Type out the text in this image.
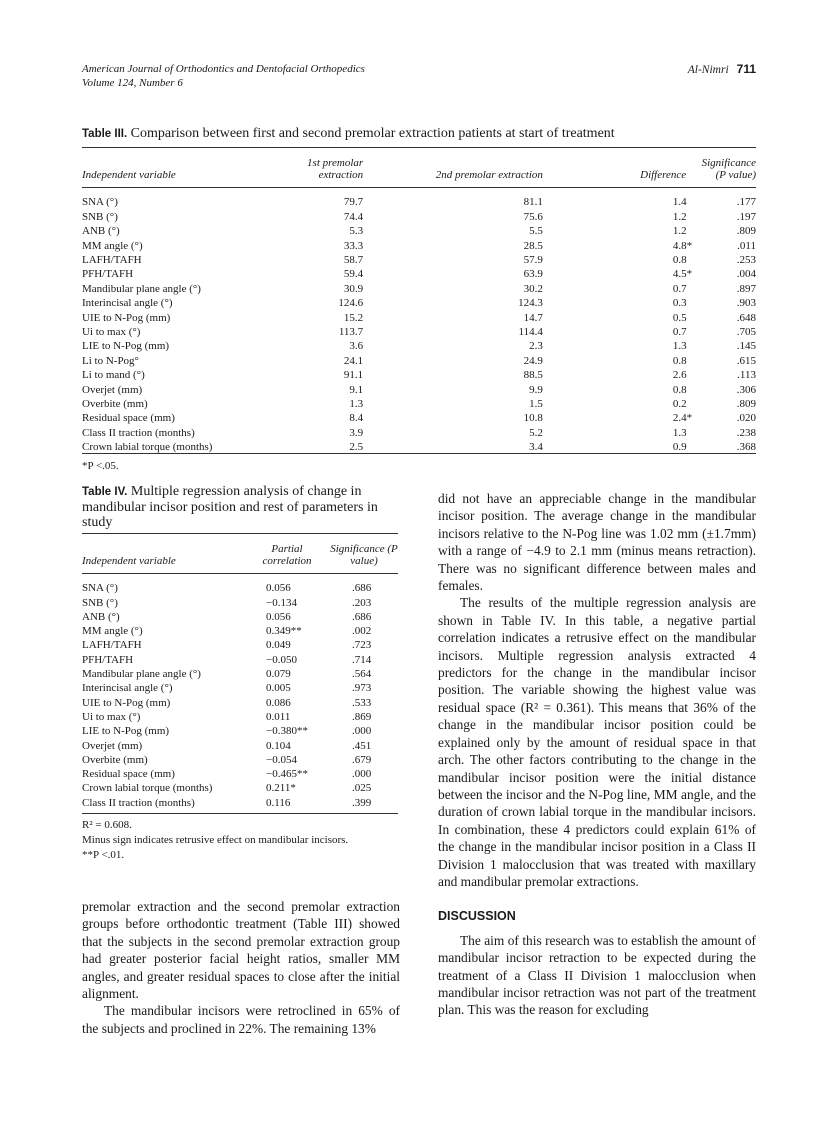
American Journal of Orthodontics and Dentofacial Orthopedics
Volume 124, Number 6
Al-Nimri 711
Table III. Comparison between first and second premolar extraction patients at start of treatment
Independent variable	1st premolar extraction	2nd premolar extraction	Difference	Significance (P value)

SNA (°)	79.7	81.1	1.4	.177
SNB (°)	74.4	75.6	1.2	.197
ANB (°)	5.3	5.5	1.2	.809
MM angle (°)	33.3	28.5	4.8*	.011
LAFH/TAFH	58.7	57.9	0.8	.253
PFH/TAFH	59.4	63.9	4.5*	.004
Mandibular plane angle (°)	30.9	30.2	0.7	.897
Interincisal angle (°)	124.6	124.3	0.3	.903
UIE to N-Pog (mm)	15.2	14.7	0.5	.648
Ui to max (°)	113.7	114.4	0.7	.705
LIE to N-Pog (mm)	3.6	2.3	1.3	.145
Li to N-Pog°	24.1	24.9	0.8	.615
Li to mand (°)	91.1	88.5	2.6	.113
Overjet (mm)	9.1	9.9	0.8	.306
Overbite (mm)	1.3	1.5	0.2	.809
Residual space (mm)	8.4	10.8	2.4*	.020
Class II traction (months)	3.9	5.2	1.3	.238
Crown labial torque (months)	2.5	3.4	0.9	.368
*P <.05.
Table IV. Multiple regression analysis of change in mandibular incisor position and rest of parameters in study
Independent variable	Partial correlation	Significance (P value)

SNA (°)	0.056	.686
SNB (°)	−0.134	.203
ANB (°)	0.056	.686
MM angle (°)	0.349**	.002
LAFH/TAFH	0.049	.723
PFH/TAFH	−0.050	.714
Mandibular plane angle (°)	0.079	.564
Interincisal angle (°)	0.005	.973
UIE to N-Pog (mm)	0.086	.533
Ui to max (°)	0.011	.869
LIE to N-Pog (mm)	−0.380**	.000
Overjet (mm)	0.104	.451
Overbite (mm)	−0.054	.679
Residual space (mm)	−0.465**	.000
Crown labial torque (months)	0.211*	.025
Class II traction (months)	0.116	.399
R² = 0.608.
Minus sign indicates retrusive effect on mandibular incisors.
**P <.01.

premolar extraction and the second premolar extraction groups before orthodontic treatment (Table III) showed that the subjects in the second premolar extraction group had greater posterior facial height ratios, smaller MM angles, and greater residual spaces to close after the initial alignment.

The mandibular incisors were retroclined in 65% of the subjects and proclined in 22%. The remaining 13%

did not have an appreciable change in the mandibular incisor position. The average change in the mandibular incisors relative to the N-Pog line was 1.02 mm (±1.7mm) with a range of −4.9 to 2.1 mm (minus means retraction). There was no significant difference between males and females.

The results of the multiple regression analysis are shown in Table IV. In this table, a negative partial correlation indicates a retrusive effect on the mandibular incisors. Multiple regression analysis extracted 4 predictors for the change in the mandibular incisor position. The variable showing the highest value was residual space (R² = 0.361). This means that 36% of the change in the mandibular incisor position could be explained only by the amount of residual space in that arch. The other factors contributing to the change in the mandibular incisor position were the initial distance between the incisor and the N-Pog line, MM angle, and the duration of crown labial torque in the mandibular incisors. In combination, these 4 predictors could explain 61% of the change in the mandibular incisor position in a Class II Division 1 malocclusion that was treated with maxillary and mandibular premolar extractions.

DISCUSSION

The aim of this research was to establish the amount of mandibular incisor retraction to be expected during the treatment of a Class II Division 1 malocclusion when mandibular incisor retraction was not part of the treatment plan. This was the reason for excluding
